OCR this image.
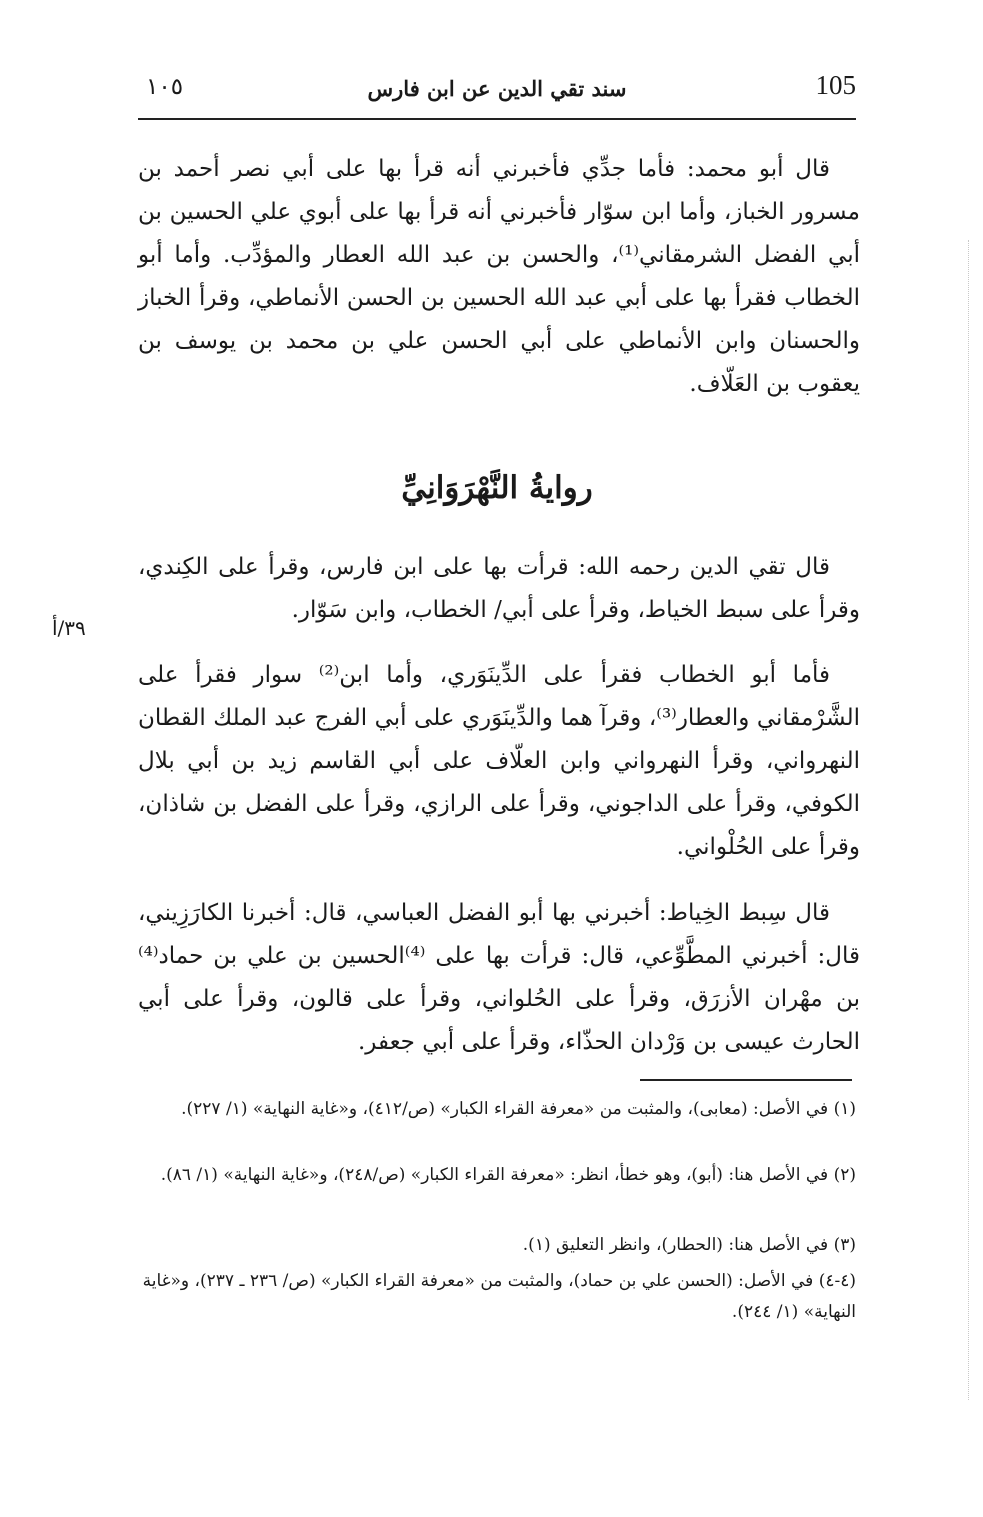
105
سند تقي الدين عن ابن فارس
١٠٥
قال أبو محمد: فأما جدِّي فأخبرني أنه قرأ بها على أبي نصر أحمد بن مسرور الخباز، وأما ابن سوّار فأخبرني أنه قرأ بها على أبوي علي الحسين بن أبي الفضل الشرمقاني⁽¹⁾، والحسن بن عبد الله العطار والمؤدِّب. وأما أبو الخطاب فقرأ بها على أبي عبد الله الحسين بن الحسن الأنماطي، وقرأ الخباز والحسنان وابن الأنماطي على أبي الحسن علي بن محمد بن يوسف بن يعقوب بن العَلّاف.
روايةُ النَّهْرَوَانِيِّ
قال تقي الدين رحمه الله: قرأت بها على ابن فارس، وقرأ على الكِندي، وقرأ على سبط الخياط، وقرأ على أبي/ الخطاب، وابن سَوّار.
٣٩/أ
فأما أبو الخطاب فقرأ على الدِّينَوَري، وأما ابن⁽²⁾ سوار فقرأ على الشَّرْمقاني والعطار⁽³⁾، وقرآ هما والدِّينَوَري على أبي الفرج عبد الملك القطان النهرواني، وقرأ النهرواني وابن العلّاف على أبي القاسم زيد بن أبي بلال الكوفي، وقرأ على الداجوني، وقرأ على الرازي، وقرأ على الفضل بن شاذان، وقرأ على الحُلْواني.
قال سِبط الخِياط: أخبرني بها أبو الفضل العباسي، قال: أخبرنا الكارَزِيني، قال: أخبرني المطَّوِّعي، قال: قرأت بها على ⁽⁴⁾الحسين بن علي بن حماد⁽⁴⁾ بن مهْران الأزرَق، وقرأ على الحُلواني، وقرأ على قالون، وقرأ على أبي الحارث عيسى بن وَرْدان الحذّاء، وقرأ على أبي جعفر.
(١) في الأصل: (معابى)، والمثبت من «معرفة القراء الكبار» (ص/٤١٢)، و«غاية النهاية» (١/ ٢٢٧).
(٢) في الأصل هنا: (أبو)، وهو خطأ، انظر: «معرفة القراء الكبار» (ص/٢٤٨)، و«غاية النهاية» (١/ ٨٦).
(٣) في الأصل هنا: (الحطار)، وانظر التعليق (١).
(٤-٤) في الأصل: (الحسن علي بن حماد)، والمثبت من «معرفة القراء الكبار» (ص/ ٢٣٦ ـ ٢٣٧)، و«غاية النهاية» (١/ ٢٤٤).
